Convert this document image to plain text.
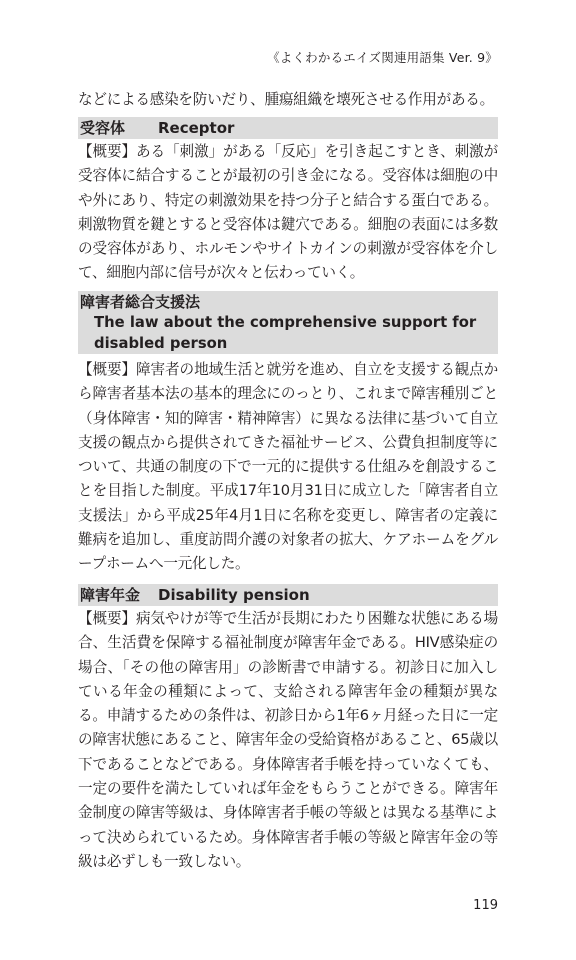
《よくわかるエイズ関連用語集 Ver. 9》
などによる感染を防いだり、腫瘍組織を壊死させる作用がある。
受容体 Receptor
【概要】ある「刺激」がある「反応」を引き起こすとき、刺激が受容体に結合することが最初の引き金になる。受容体は細胞の中や外にあり、特定の刺激効果を持つ分子と結合する蛋白である。刺激物質を鍵とすると受容体は鍵穴である。細胞の表面には多数の受容体があり、ホルモンやサイトカインの刺激が受容体を介して、細胞内部に信号が次々と伝わっていく。
障害者総合支援法
The law about the comprehensive support for disabled person
【概要】障害者の地域生活と就労を進め、自立を支援する観点から障害者基本法の基本的理念にのっとり、これまで障害種別ごと（身体障害・知的障害・精神障害）に異なる法律に基づいて自立支援の観点から提供されてきた福祉サービス、公費負担制度等について、共通の制度の下で一元的に提供する仕組みを創設することを目指した制度。平成17年10月31日に成立した「障害者自立支援法」から平成25年4月1日に名称を変更し、障害者の定義に難病を追加し、重度訪問介護の対象者の拡大、ケアホームをグループホームへ一元化した。
障害年金 Disability pension
【概要】病気やけが等で生活が長期にわたり困難な状態にある場合、生活費を保障する福祉制度が障害年金である。HIV感染症の場合、「その他の障害用」の診断書で申請する。初診日に加入している年金の種類によって、支給される障害年金の種類が異なる。申請するための条件は、初診日から1年6ヶ月経った日に一定の障害状態にあること、障害年金の受給資格があること、65歳以下であることなどである。身体障害者手帳を持っていなくても、一定の要件を満たしていれば年金をもらうことができる。障害年金制度の障害等級は、身体障害者手帳の等級とは異なる基準によって決められているため。身体障害者手帳の等級と障害年金の等級は必ずしも一致しない。
119
